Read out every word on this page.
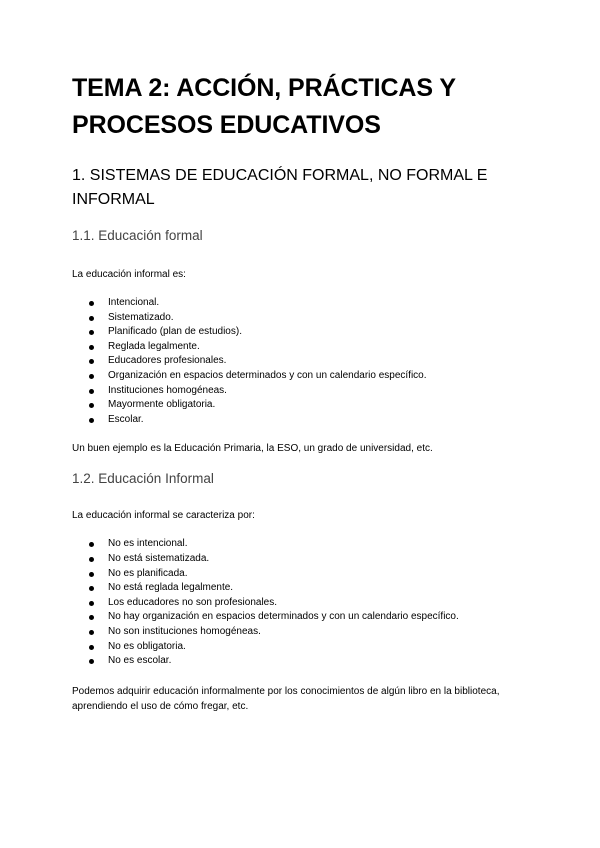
TEMA 2: ACCIÓN, PRÁCTICAS Y PROCESOS EDUCATIVOS
1. SISTEMAS DE EDUCACIÓN FORMAL, NO FORMAL E INFORMAL
1.1. Educación formal

La educación informal es:

Intencional.
Sistematizado.
Planificado (plan de estudios).
Reglada legalmente.
Educadores profesionales.
Organización en espacios determinados y con un calendario específico.
Instituciones homogéneas.
Mayormente obligatoria.
Escolar.

Un buen ejemplo es la Educación Primaria, la ESO, un grado de universidad, etc.

1.2. Educación Informal

La educación informal se caracteriza por:

No es intencional.
No está sistematizada.
No es planificada.
No está reglada legalmente.
Los educadores no son profesionales.
No hay organización en espacios determinados y con un calendario específico.
No son instituciones homogéneas.
No es obligatoria.
No es escolar.

Podemos adquirir educación informalmente por los conocimientos de algún libro en la biblioteca, aprendiendo el uso de cómo fregar, etc.
